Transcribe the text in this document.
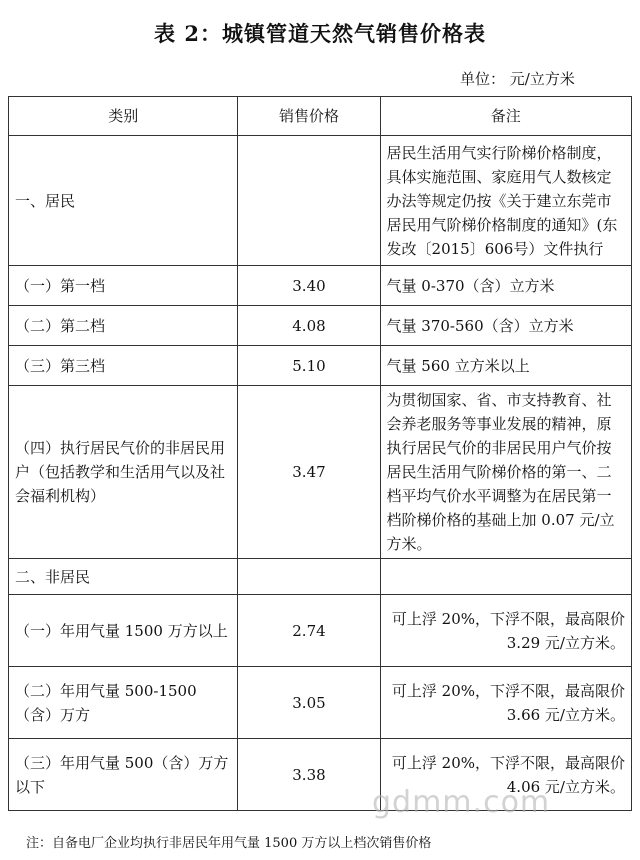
表 2：城镇管道天然气销售价格表
单位： 元/立方米
类别	销售价格	备注
一、居民		居民生活用气实行阶梯价格制度，具体实施范围、家庭用气人数核定办法等规定仍按《关于建立东莞市居民用气阶梯价格制度的通知》(东发改〔2015〕606号）文件执行
（一）第一档	3.40	气量 0-370（含）立方米
（二）第二档	4.08	气量 370-560（含）立方米
（三）第三档	5.10	气量 560 立方米以上
（四）执行居民气价的非居民用户（包括教学和生活用气以及社会福利机构）	3.47	为贯彻国家、省、市支持教育、社会养老服务等事业发展的精神，原执行居民气价的非居民用户气价按居民生活用气阶梯价格的第一、二档平均气价水平调整为在居民第一档阶梯价格的基础上加 0.07 元/立方米。
二、非居民		
（一）年用气量 1500 万方以上	2.74	可上浮 20%，下浮不限，最高限价 3.29 元/立方米。
（二）年用气量 500-1500（含）万方	3.05	可上浮 20%，下浮不限，最高限价 3.66 元/立方米。
（三）年用气量 500（含）万方以下	3.38	可上浮 20%，下浮不限，最高限价 4.06 元/立方米。
gdmm.com
注：自备电厂企业均执行非居民年用气量 1500 万方以上档次销售价格
